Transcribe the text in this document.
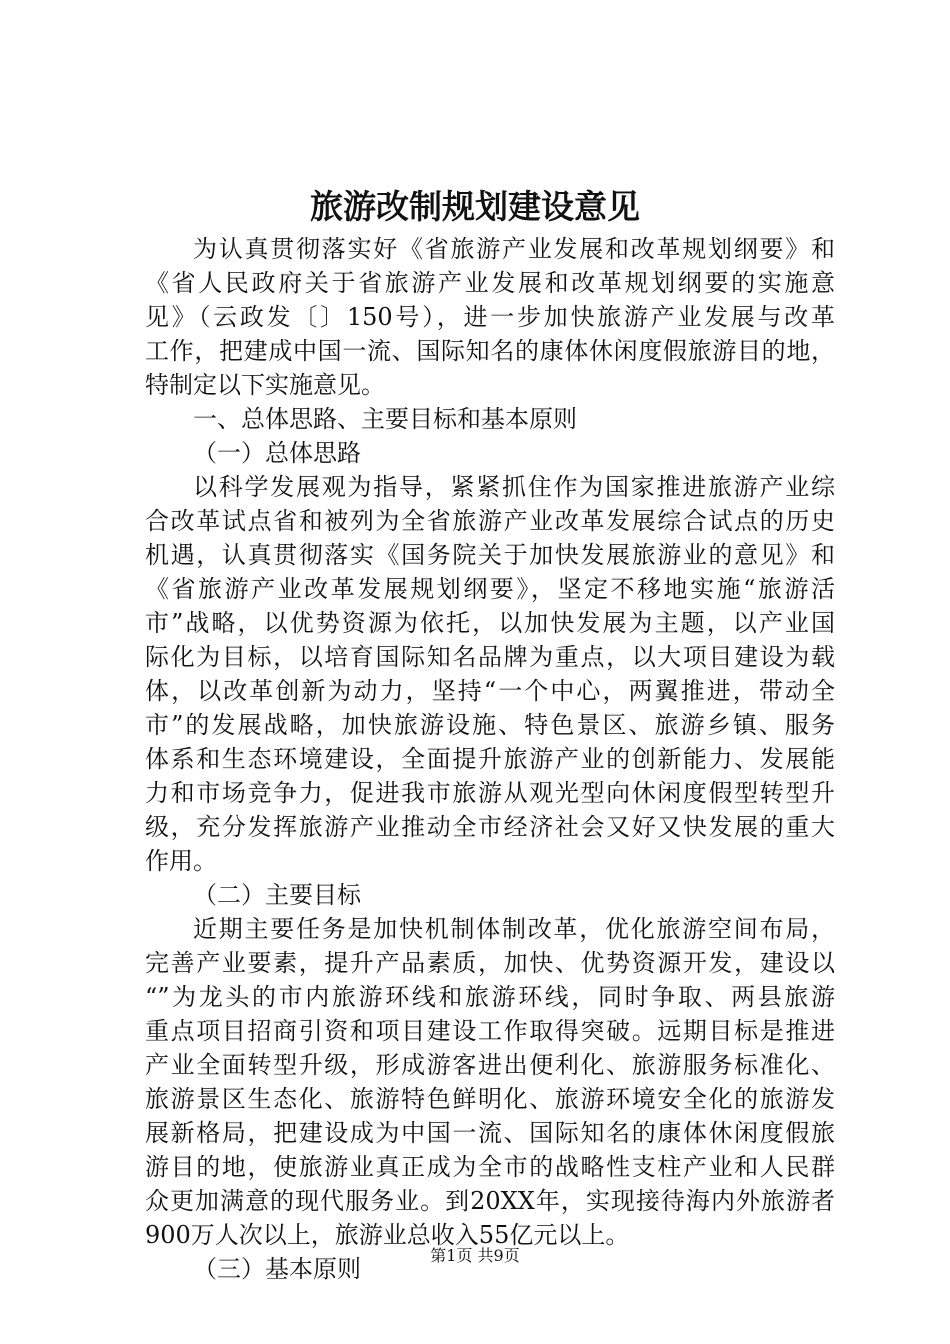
旅游改制规划建设意见
为认真贯彻落实好《省旅游产业发展和改革规划纲要》和
《省人民政府关于省旅游产业发展和改革规划纲要的实施意
见》（云政发〔〕150号），进一步加快旅游产业发展与改革
工作，把建成中国一流、国际知名的康体休闲度假旅游目的地，
特制定以下实施意见。
一、总体思路、主要目标和基本原则
（一）总体思路
以科学发展观为指导，紧紧抓住作为国家推进旅游产业综
合改革试点省和被列为全省旅游产业改革发展综合试点的历史
机遇，认真贯彻落实《国务院关于加快发展旅游业的意见》和
《省旅游产业改革发展规划纲要》，坚定不移地实施“旅游活
市”战略，以优势资源为依托，以加快发展为主题，以产业国
际化为目标，以培育国际知名品牌为重点，以大项目建设为载
体，以改革创新为动力，坚持“一个中心，两翼推进，带动全
市”的发展战略，加快旅游设施、特色景区、旅游乡镇、服务
体系和生态环境建设，全面提升旅游产业的创新能力、发展能
力和市场竞争力，促进我市旅游从观光型向休闲度假型转型升
级，充分发挥旅游产业推动全市经济社会又好又快发展的重大
作用。
（二）主要目标
近期主要任务是加快机制体制改革，优化旅游空间布局，
完善产业要素，提升产品素质，加快、优势资源开发，建设以
“”为龙头的市内旅游环线和旅游环线，同时争取、两县旅游
重点项目招商引资和项目建设工作取得突破。远期目标是推进
产业全面转型升级，形成游客进出便利化、旅游服务标准化、
旅游景区生态化、旅游特色鲜明化、旅游环境安全化的旅游发
展新格局，把建设成为中国一流、国际知名的康体休闲度假旅
游目的地，使旅游业真正成为全市的战略性支柱产业和人民群
众更加满意的现代服务业。到20XX年，实现接待海内外旅游者
900万人次以上，旅游业总收入55亿元以上。
（三）基本原则	第1页 共9页
